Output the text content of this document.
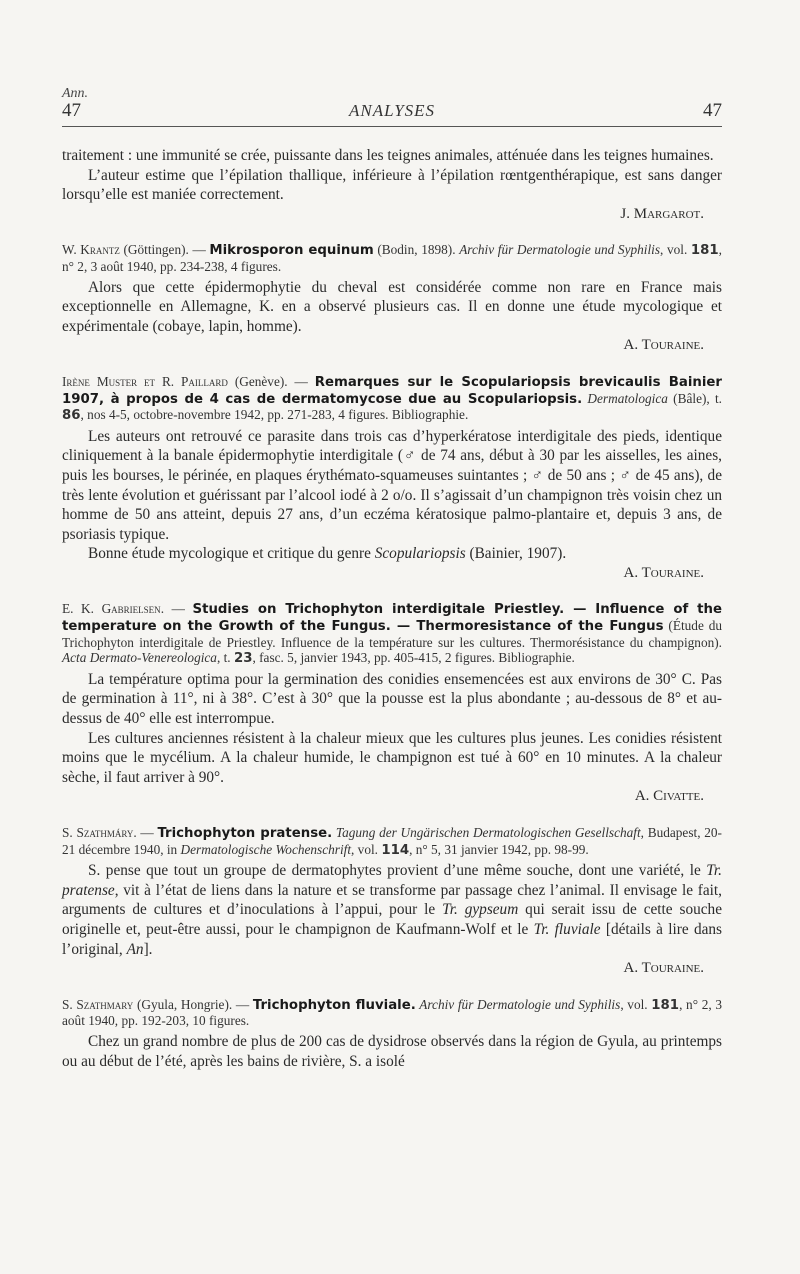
Ann.
47	ANALYSES	47

traitement : une immunité se crée, puissante dans les teignes animales, atténuée dans les teignes humaines.

L’auteur estime que l’épilation thallique, inférieure à l’épilation rœntgenthérapique, est sans danger lorsqu’elle est maniée correctement.

J. Margarot.

W. Krantz (Göttingen). — Mikrosporon equinum (Bodin, 1898). Archiv für Dermatologie und Syphilis, vol. 181, n° 2, 3 août 1940, pp. 234-238, 4 figures.

Alors que cette épidermophytie du cheval est considérée comme non rare en France mais exceptionnelle en Allemagne, K. en a observé plusieurs cas. Il en donne une étude mycologique et expérimentale (cobaye, lapin, homme).

A. Touraine.

Irène Muster et R. Paillard (Genève). — Remarques sur le Scopulariopsis brevicaulis Bainier 1907, à propos de 4 cas de dermatomycose due au Scopulariopsis. Dermatologica (Bâle), t. 86, nos 4-5, octobre-novembre 1942, pp. 271-283, 4 figures. Bibliographie.

Les auteurs ont retrouvé ce parasite dans trois cas d’hyperkératose interdigitale des pieds, identique cliniquement à la banale épidermophytie interdigitale (♂ de 74 ans, début à 30 par les aisselles, les aines, puis les bourses, le périnée, en plaques érythémato-squameuses suintantes ; ♂ de 50 ans ; ♂ de 45 ans), de très lente évolution et guérissant par l’alcool iodé à 2 o/o. Il s’agissait d’un champignon très voisin chez un homme de 50 ans atteint, depuis 27 ans, d’un eczéma kératosique palmo-plantaire et, depuis 3 ans, de psoriasis typique.

Bonne étude mycologique et critique du genre Scopulariopsis (Bainier, 1907).

A. Touraine.

E. K. Gabrielsen. — Studies on Trichophyton interdigitale Priestley. — Influence of the temperature on the Growth of the Fungus. — Thermoresistance of the Fungus (Étude du Trichophyton interdigitale de Priestley. Influence de la température sur les cultures. Thermorésistance du champignon). Acta Dermato-Venereologica, t. 23, fasc. 5, janvier 1943, pp. 405-415, 2 figures. Bibliographie.

La température optima pour la germination des conidies ensemencées est aux environs de 30° C. Pas de germination à 11°, ni à 38°. C’est à 30° que la pousse est la plus abondante ; au-dessous de 8° et au-dessus de 40° elle est interrompue.

Les cultures anciennes résistent à la chaleur mieux que les cultures plus jeunes. Les conidies résistent moins que le mycélium. A la chaleur humide, le champignon est tué à 60° en 10 minutes. A la chaleur sèche, il faut arriver à 90°.

A. Civatte.

S. Szathmáry. — Trichophyton pratense. Tagung der Ungärischen Dermatologischen Gesellschaft, Budapest, 20-21 décembre 1940, in Dermatologische Wochenschrift, vol. 114, n° 5, 31 janvier 1942, pp. 98-99.

S. pense que tout un groupe de dermatophytes provient d’une même souche, dont une variété, le Tr. pratense, vit à l’état de liens dans la nature et se transforme par passage chez l’animal. Il envisage le fait, arguments de cultures et d’inoculations à l’appui, pour le Tr. gypseum qui serait issu de cette souche originelle et, peut-être aussi, pour le champignon de Kaufmann-Wolf et le Tr. fluviale [détails à lire dans l’original, An].

A. Touraine.

S. Szathmary (Gyula, Hongrie). — Trichophyton fluviale. Archiv für Dermatologie und Syphilis, vol. 181, n° 2, 3 août 1940, pp. 192-203, 10 figures.

Chez un grand nombre de plus de 200 cas de dysidrose observés dans la région de Gyula, au printemps ou au début de l’été, après les bains de rivière, S. a isolé
